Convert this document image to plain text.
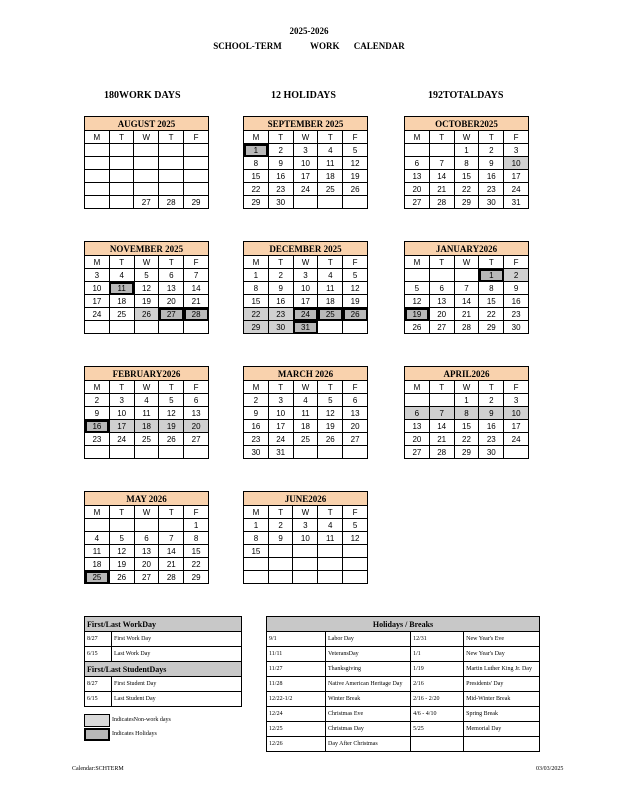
2025-2026
SCHOOL-TERM	WORK CALENDAR
180WORK DAYS	12 HOLIDAYS	192TOTALDAYS
AUGUST 2025				
M	T	W	T	F

		27	28	29
SEPTEMBER 2025				
M	T	W	T	F
1	2	3	4	5
8	9	10	11	12
15	16	17	18	19
22	23	24	25	26
29	30			
OCTOBER2025				
M	T	W	T	F
		1	2	3
6	7	8	9	10
13	14	15	16	17
20	21	22	23	24
27	28	29	30	31
NOVEMBER 2025				
M	T	W	T	F
3	4	5	6	7
10	11	12	13	14
17	18	19	20	21
24	25	26	27	28

DECEMBER 2025				
M	T	W	T	F
1	2	3	4	5
8	9	10	11	12
15	16	17	18	19
22	23	24	25	26
29	30	31		
JANUARY2026				
M	T	W	T	F
			1	2
5	6	7	8	9
12	13	14	15	16
19	20	21	22	23
26	27	28	29	30
FEBRUARY2026				
M	T	W	T	F
2	3	4	5	6
9	10	11	12	13
16	17	18	19	20
23	24	25	26	27

MARCH 2026				
M	T	W	T	F
2	3	4	5	6
9	10	11	12	13
16	17	18	19	20
23	24	25	26	27
30	31			
APRIL2026				
M	T	W	T	F
		1	2	3
6	7	8	9	10
13	14	15	16	17
20	21	22	23	24
27	28	29	30	
MAY 2026				
M	T	W	T	F
				1
4	5	6	7	8
11	12	13	14	15
18	19	20	21	22
25	26	27	28	29
JUNE2026				
M	T	W	T	F
1	2	3	4	5
8	9	10	11	12
15				

First/Last WorkDay	
8/27	First Work Day
6/15	Last Work Day
First/Last StudentDays	
8/27	First Student Day
6/15	Last Student Day
IndicatesNon-work days
Indicates Holidays
Holidays / Breaks			
9/1	Labor Day	12/31	New Year's Eve
11/11	VeteransDay	1/1	New Year's Day
11/27	Thanksgiving	1/19	Martin Luther King Jr. Day
11/28	Native American Heritage Day	2/16	Presidents' Day
12/22-1/2	Winter Break	2/16 - 2/20	Mid-Winter Break
12/24	Christmas Eve	4/6 - 4/10	Spring Break
12/25	Christmas Day	5/25	Memorial Day
12/26	Day After Christmas		
Calendar:SCHTERM	03/03/2025
